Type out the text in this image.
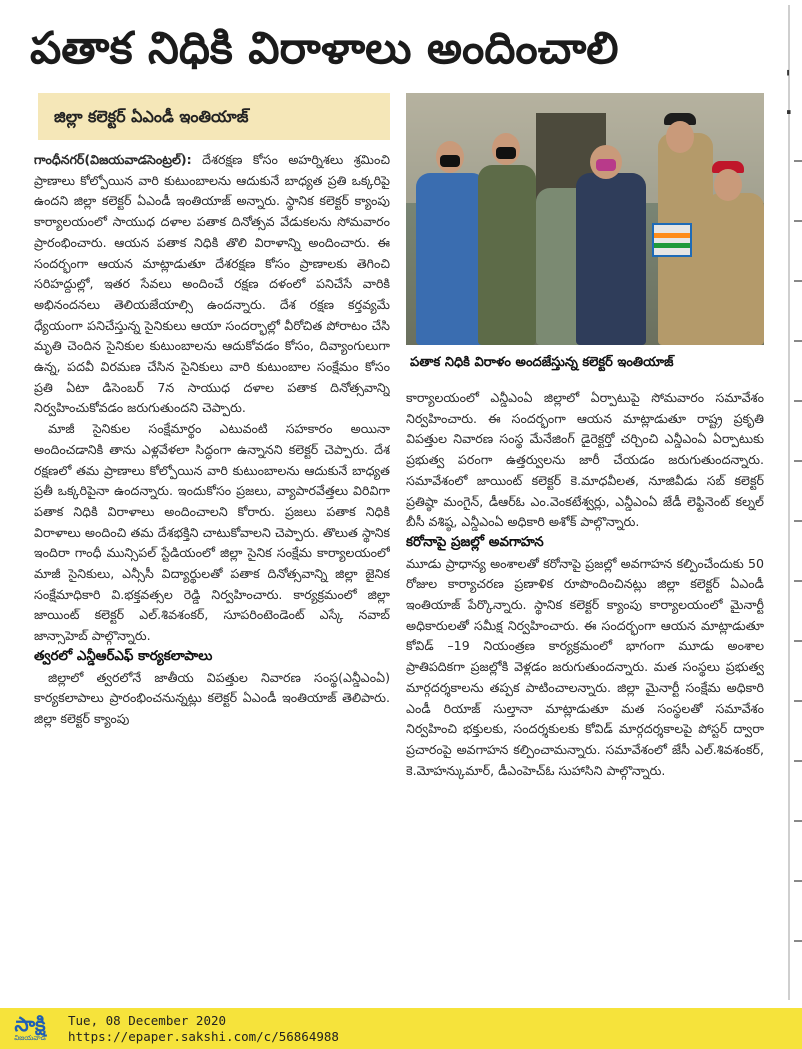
పతాక నిధికి విరాళాలు అందించాలి	ˌ
·
జిల్లా కలెక్టర్ ఏఎండీ ఇంతియాజ్

గాంధీనగర్(విజయవాడసెంట్రల్): దేశరక్షణ కోసం అహర్నిశలు శ్రమించి ప్రాణాలు కోల్పోయిన వారి కుటుంబాలను ఆదుకునే బాధ్యత ప్రతి ఒక్కరిపై ఉందని జిల్లా కలెక్టర్ ఏఎండీ ఇంతియాజ్ అన్నారు. స్థానిక కలెక్టర్ క్యాంపు కార్యాలయంలో సాయుధ దళాల పతాక దినోత్సవ వేడుకలను సోమవారం ప్రారంభించారు. ఆయన పతాక నిధికి తొలి విరాళాన్ని అందించారు. ఈ సందర్భంగా ఆయన మాట్లాడుతూ దేశరక్షణ కోసం ప్రాణాలకు తెగించి సరిహద్దుల్లో, ఇతర సేవలు అందించే రక్షణ దళంలో పనిచేసే వారికి అభినందనలు తెలియజేయాల్సి ఉందన్నారు. దేశ రక్షణ కర్తవ్యమే ధ్యేయంగా పనిచేస్తున్న సైనికులు ఆయా సందర్భాల్లో వీరోచిత పోరాటం చేసి మృతి చెందిన సైనికుల కుటుంబాలను ఆదుకోవడం కోసం, దివ్యాంగులుగా ఉన్న, పదవీ విరమణ చేసిన సైనికులు వారి కుటుంబాల సంక్షేమం కోసం ప్రతి ఏటా డిసెంబర్ 7న సాయుధ దళాల పతాక దినోత్సవాన్ని నిర్వహించుకోవడం జరుగుతుందని చెప్పారు.

మాజీ సైనికుల సంక్షేమార్థం ఎటువంటి సహకారం అయినా అందించడానికి తాను ఎళ్లవేళలా సిద్ధంగా ఉన్నానని కలెక్టర్ చెప్పారు. దేశ రక్షణలో తమ ప్రాణాలు కోల్పోయిన వారి కుటుంబాలను ఆదుకునే బాధ్యత ప్రతీ ఒక్కరిపైనా ఉందన్నారు. ఇందుకోసం ప్రజలు, వ్యాపారవేత్తలు విరివిగా పతాక నిధికి విరాళాలు అందించాలని కోరారు. ప్రజలు పతాక నిధికి విరాళాలు అందించి తమ దేశభక్తిని చాటుకోవాలని చెప్పారు. తొలుత స్థానిక ఇందిరా గాంధీ మున్సిపల్ స్టేడియంలో జిల్లా సైనిక సంక్షేమ కార్యాలయంలో మాజీ సైనికులు, ఎన్సీసీ విద్యార్థులతో పతాక దినోత్సవాన్ని జిల్లా జైనిక సంక్షేమాధికారి వి.భక్తవత్సల రెడ్డి నిర్వహించారు. కార్యక్రమంలో జిల్లా జాయింట్ కలెక్టర్ ఎల్.శివశంకర్, సూపరింటెండెంట్ ఎస్కే నవాబ్ జాన్సాహెబ్ పాల్గొన్నారు.

త్వరలో ఎన్డీఆర్ఎఫ్ కార్యకలాపాలు

జిల్లాలో త్వరలోనే జాతీయ విపత్తుల నివారణ సంస్థ(ఎన్డీఎంఏ) కార్యకలాపాలు ప్రారంభించనున్నట్లు కలెక్టర్ ఏఎండీ ఇంతియాజ్ తెలిపారు. జిల్లా కలెక్టర్ క్యాంపు

పతాక నిధికి విరాళం అందజేస్తున్న కలెక్టర్ ఇంతియాజ్

కార్యాలయంలో ఎన్డీఎంఏ జిల్లాలో ఏర్పాటుపై సోమవారం సమావేశం నిర్వహించారు. ఈ సందర్భంగా ఆయన మాట్లాడుతూ రాష్ట్ర ప్రకృతి విపత్తుల నివారణ సంస్థ మేనేజింగ్ డైరెక్టర్తో చర్చించి ఎన్డీఎంఏ ఏర్పాటుకు ప్రభుత్వ పరంగా ఉత్తర్వులను జారీ చేయడం జరుగుతుందన్నారు. సమావేశంలో జాయింట్ కలెక్టర్ కె.మాధవీలత, నూజివీడు సబ్ కలెక్టర్ ప్రతిష్ఠా మంగైన్, డీఆర్ఓ ఎం.వెంకటేశ్వర్లు, ఎన్డీఎంఏ జేడీ లెఫ్టినెంట్ కల్నల్ బీసీ వశిష్ఠ, ఎన్డీఎంఏ అధికారి అశోక్ పాల్గొన్నారు.

కరోనాపై ప్రజల్లో అవగాహన

మూడు ప్రాధాన్య అంశాలతో కరోనాపై ప్రజల్లో అవగాహన కల్పించేందుకు 50 రోజుల కార్యాచరణ ప్రణాళిక రూపొందించినట్లు జిల్లా కలెక్టర్ ఏఎండీ ఇంతియాజ్ పేర్కొన్నారు. స్థానిక కలెక్టర్ క్యాంపు కార్యాలయంలో మైనార్టీ అధికారులతో సమీక్ష నిర్వహించారు. ఈ సందర్భంగా ఆయన మాట్లాడుతూ కోవిడ్ –19 నియంత్రణ కార్యక్రమంలో భాగంగా మూడు అంశాల ప్రాతిపదికగా ప్రజల్లోకి వెళ్లడం జరుగుతుందన్నారు. మత సంస్థలు ప్రభుత్వ మార్గదర్శకాలను తప్పక పాటించాలన్నారు. జిల్లా మైనార్టీ సంక్షేమ అధికారి ఎండీ రియాజ్ సుల్తానా మాట్లాడుతూ మత సంస్థలతో సమావేశం నిర్వహించి భక్తులకు, సందర్శకులకు కోవిడ్ మార్గదర్శకాలపై పోస్టర్ ద్వారా ప్రచారంపై అవగాహన కల్పించామన్నారు. సమావేశంలో జేసీ ఎల్.శివశంకర్, కె.మోహన్కుమార్, డీఎంహెచ్ఓ సుహాసిని పాల్గొన్నారు.

సాక్షి
విజయవాడ
Tue, 08 December 2020
https://epaper.sakshi.com/c/56864988
